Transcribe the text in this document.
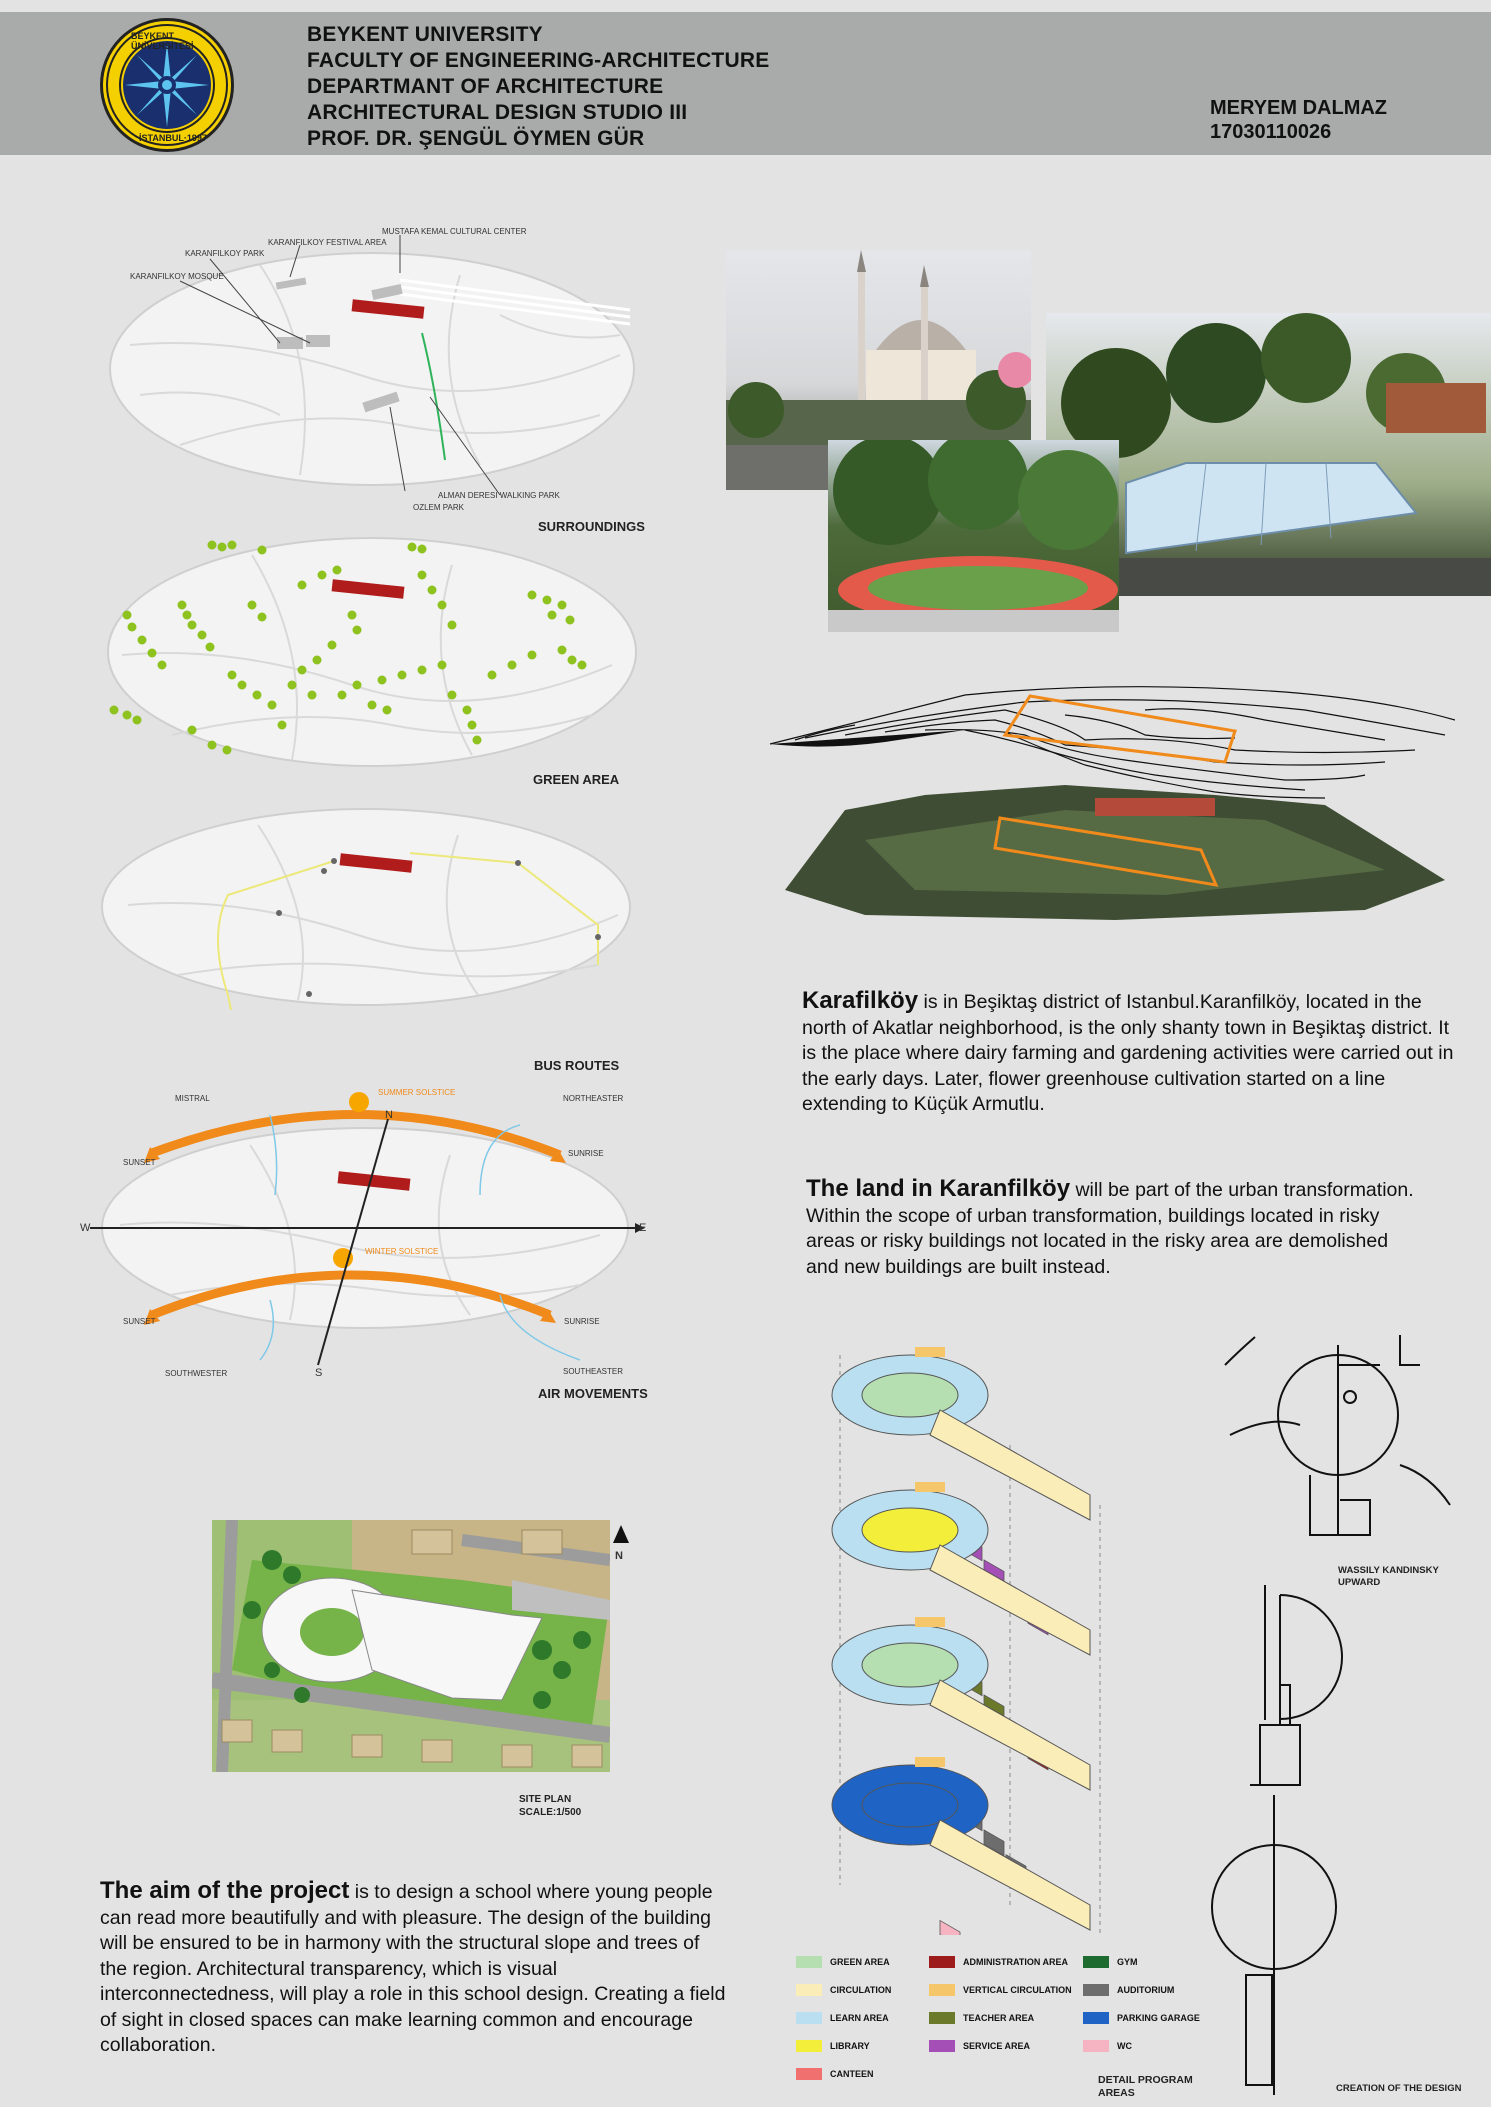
BEYKENT ÜNİVERSİTESİ
İSTANBUL·1997
BEYKENT UNIVERSITY
FACULTY OF ENGINEERING-ARCHITECTURE
DEPARTMANT OF ARCHITECTURE
ARCHITECTURAL DESIGN STUDIO III
PROF. DR. ŞENGÜL ÖYMEN GÜR
MERYEM DALMAZ
17030110026
MUSTAFA KEMAL CULTURAL CENTER
KARANFILKOY FESTIVAL AREA
KARANFILKOY PARK
KARANFILKOY MOSQUE
ALMAN DERESI WALKING PARK
OZLEM PARK
SURROUNDINGS
GREEN AREA
BUS ROUTES
MISTRAL
SUMMER SOLSTICE
NORTHEASTER
SUNSET
SUNRISE
N
W	E
WINTER SOLSTICE
SUNSET	SUNRISE
SOUTHWESTER	SOUTHEASTER
S
AIR MOVEMENTS
N
SITE PLAN
SCALE:1/500
Karafilköy is in Beşiktaş district of Istanbul.Karanfilköy, located in the north of Akatlar neighborhood, is the only shanty town in Beşiktaş district. It is the place where dairy farming and gardening activities were carried out in the early days. Later, flower greenhouse cultivation started on a line extending to Küçük Armutlu.
The land in Karanfilköy will be part of the urban transformation. Within the scope of urban transformation, buildings located in risky areas or risky buildings not located in the risky area are demolished and new buildings are built instead.
The aim of the project is to design a school where young people can read more beautifully and with pleasure. The design of the building will be ensured to be in harmony with the structural slope and trees of the region. Architectural transparency, which is visual interconnectedness, will play a role in this school design. Creating a field of sight in closed spaces can make learning common and encourage collaboration.
WASSILY KANDINSKY
UPWARD
CREATION OF THE DESIGN
GREEN AREA
CIRCULATION
LEARN AREA
LIBRARY
CANTEEN
ADMINISTRATION AREA
VERTICAL CIRCULATION
TEACHER AREA
SERVICE AREA
GYM
AUDITORIUM
PARKING GARAGE
WC
DETAIL PROGRAM
AREAS
